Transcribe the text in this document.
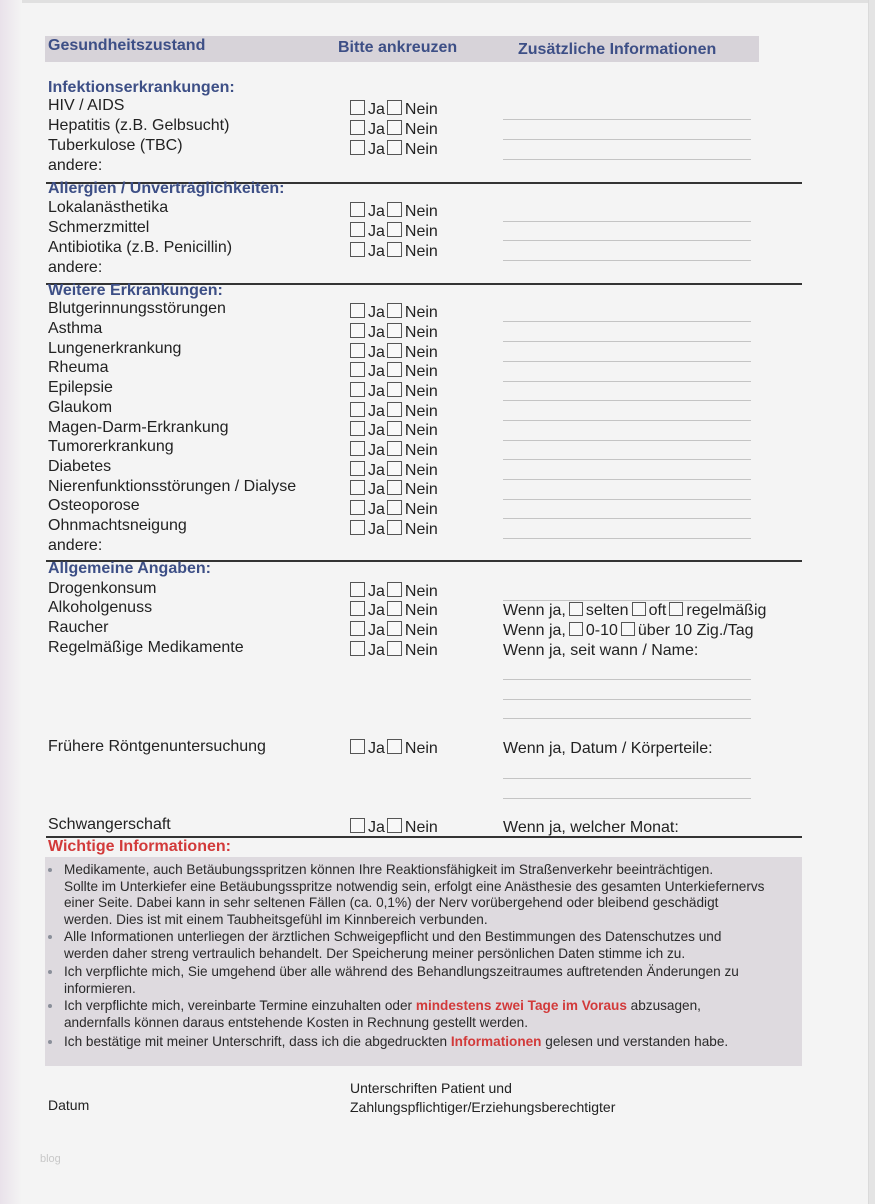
Gesundheitszustand	Bitte ankreuzen	Zusätzliche Informationen
Infektionserkrankungen:
HIV / AIDS
Hepatitis (z.B. Gelbsucht)
Tuberkulose (TBC)
andere:
Ja Nein
Ja Nein
Ja Nein
Allergien / Unverträglichkeiten:
Lokalanästhetika
Schmerzmittel
Antibiotika (z.B. Penicillin)
andere:
Ja Nein
Ja Nein
Ja Nein
Weitere Erkrankungen:
Blutgerinnungsstörungen
Asthma
Lungenerkrankung
Rheuma
Epilepsie
Glaukom
Magen-Darm-Erkrankung
Tumorerkrankung
Diabetes
Nierenfunktionsstörungen / Dialyse
Osteoporose
Ohnmachtsneigung
andere:
Ja Nein
Ja Nein
Ja Nein
Ja Nein
Ja Nein
Ja Nein
Ja Nein
Ja Nein
Ja Nein
Ja Nein
Ja Nein
Ja Nein
Allgemeine Angaben:
Drogenkonsum
Alkoholgenuss
Raucher
Regelmäßige Medikamente
Frühere Röntgenuntersuchung
Schwangerschaft
Ja Nein
Ja Nein
Ja Nein
Ja Nein
Ja Nein
Ja Nein
Wenn ja, selten oft regelmäßig
Wenn ja, 0-10 über 10 Zig./Tag
Wenn ja, seit wann / Name:
Wenn ja, Datum / Körperteile:
Wenn ja, welcher Monat:
Wichtige Informationen:
Medikamente, auch Betäubungsspritzen können Ihre Reaktionsfähigkeit im Straßenverkehr beeinträchtigen.
Sollte im Unterkiefer eine Betäubungsspritze notwendig sein, erfolgt eine Anästhesie des gesamten Unterkiefernervs
einer Seite. Dabei kann in sehr seltenen Fällen (ca. 0,1%) der Nerv vorübergehend oder bleibend geschädigt
werden. Dies ist mit einem Taubheitsgefühl im Kinnbereich verbunden.
Alle Informationen unterliegen der ärztlichen Schweigepflicht und den Bestimmungen des Datenschutzes und
werden daher streng vertraulich behandelt. Der Speicherung meiner persönlichen Daten stimme ich zu.
Ich verpflichte mich, Sie umgehend über alle während des Behandlungszeitraumes auftretenden Änderungen zu
informieren.
Ich verpflichte mich, vereinbarte Termine einzuhalten oder mindestens zwei Tage im Voraus abzusagen,
andernfalls können daraus entstehende Kosten in Rechnung gestellt werden.
Ich bestätige mit meiner Unterschrift, dass ich die abgedruckten Informationen gelesen und verstanden habe.
Datum
Unterschriften Patient und
Zahlungspflichtiger/Erziehungsberechtigter
blog
